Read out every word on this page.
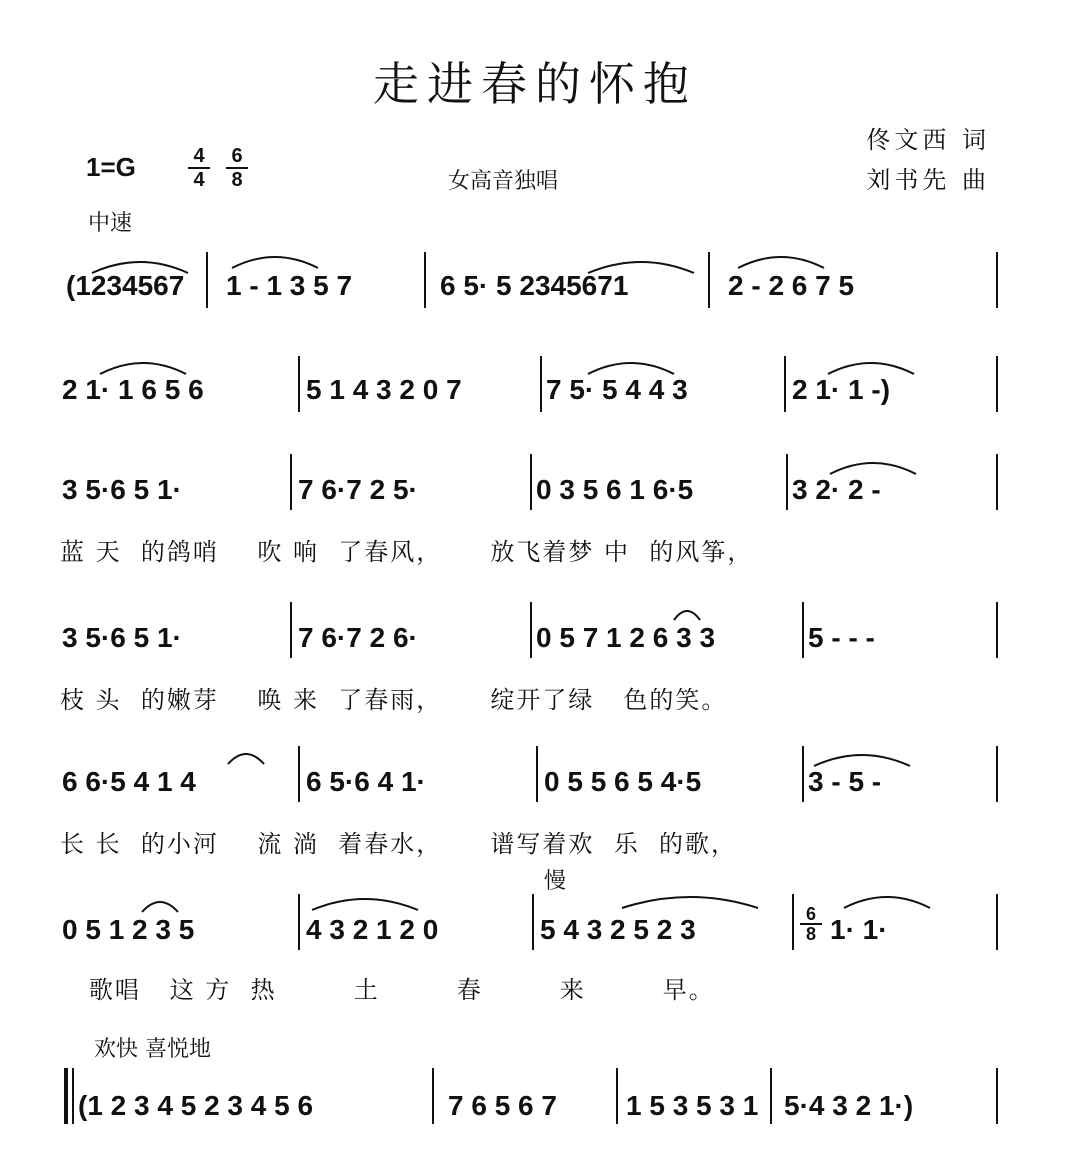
走进春的怀抱
佟文西 词
刘书先 曲
1=G	4
4
6
8	女高音独唱
中速
(1234567 1 - 1 3 5 7	6 5· 5 2345671	2 - 2 6 7 5
2 1· 1 6 5 6	5 1 4 3 2 0 7	7 5· 5 4 4 3	2 1· 1 -)
3 5·6 5 1·	7 6·7 2 5·	0 3 5 6 1 6·5	3 2· 2 -
蓝 天  的鸽哨    吹 响  了春风，     放飞着梦 中  的风筝，
3 5·6 5 1·	7 6·7 2 6·	0 5 7 1 2 6 3 3	5 - - -
枝 头  的嫩芽    唤 来  了春雨，     绽开了绿   色的笑。
6 6·5 4 1 4	6 5·6 4 1·	0 5 5 6 5 4·5	3 - 5 -
长 长  的小河    流 淌  着春水，     谱写着欢  乐  的歌，
慢
0 5 1 2 3 5	4 3 2 1 2 0	5 4 3 2 5 2 3	6
8 1· 1·
歌唱   这 方  热        土        春        来        早。
欢快 喜悦地
(1 2 3 4 5 2 3 4 5 6	7 6 5 6 7 1 5 3 5 3 1 5·4 3 2 1·)
